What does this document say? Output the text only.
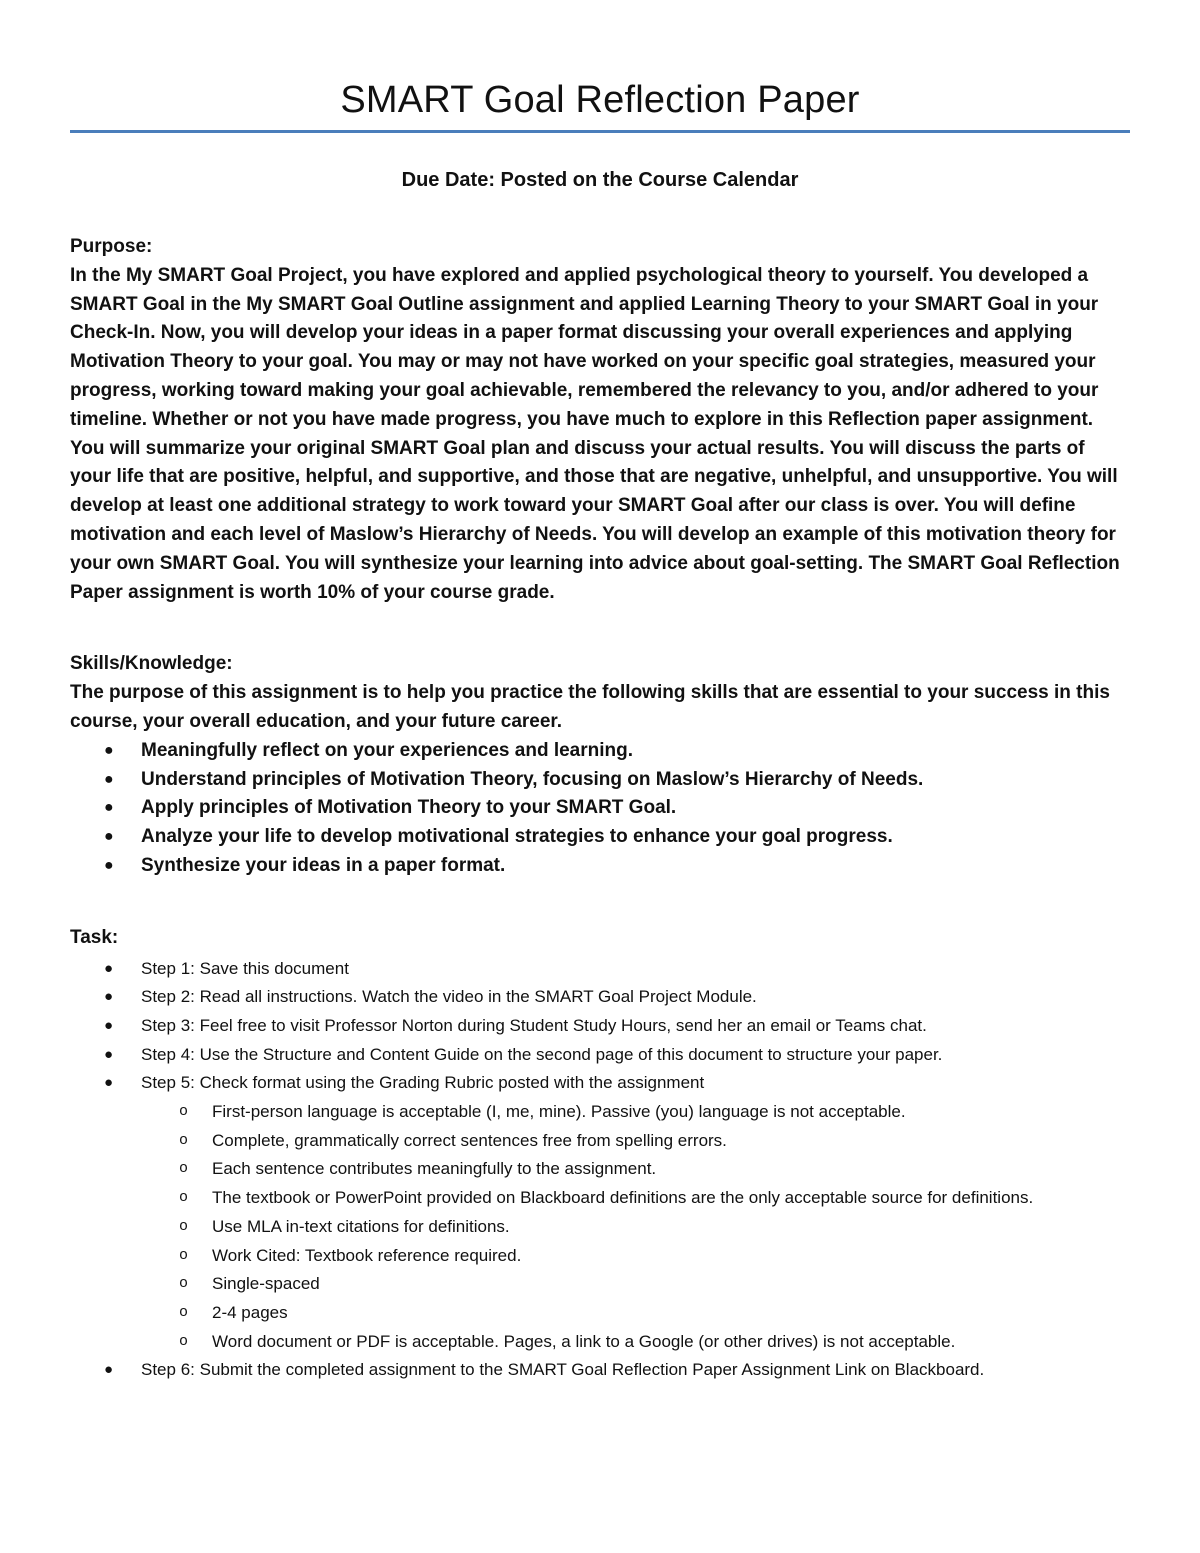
SMART Goal Reflection Paper
Due Date: Posted on the Course Calendar

Purpose:

In the My SMART Goal Project, you have explored and applied psychological theory to yourself. You developed a SMART Goal in the My SMART Goal Outline assignment and applied Learning Theory to your SMART Goal in your Check-In. Now, you will develop your ideas in a paper format discussing your overall experiences and applying Motivation Theory to your goal. You may or may not have worked on your specific goal strategies, measured your progress, working toward making your goal achievable, remembered the relevancy to you, and/or adhered to your timeline. Whether or not you have made progress, you have much to explore in this Reflection paper assignment. You will summarize your original SMART Goal plan and discuss your actual results. You will discuss the parts of your life that are positive, helpful, and supportive, and those that are negative, unhelpful, and unsupportive. You will develop at least one additional strategy to work toward your SMART Goal after our class is over. You will define motivation and each level of Maslow’s Hierarchy of Needs. You will develop an example of this motivation theory for your own SMART Goal. You will synthesize your learning into advice about goal-setting. The SMART Goal Reflection Paper assignment is worth 10% of your course grade.

Skills/Knowledge:

The purpose of this assignment is to help you practice the following skills that are essential to your success in this course, your overall education, and your future career.

● Meaningfully reflect on your experiences and learning.
● Understand principles of Motivation Theory, focusing on Maslow’s Hierarchy of Needs.
● Apply principles of Motivation Theory to your SMART Goal.
● Analyze your life to develop motivational strategies to enhance your goal progress.
● Synthesize your ideas in a paper format.

Task:

● Step 1: Save this document
● Step 2: Read all instructions. Watch the video in the SMART Goal Project Module.
● Step 3: Feel free to visit Professor Norton during Student Study Hours, send her an email or Teams chat.
● Step 4: Use the Structure and Content Guide on the second page of this document to structure your paper.
● Step 5: Check format using the Grading Rubric posted with the assignment
o First-person language is acceptable (I, me, mine). Passive (you) language is not acceptable.
o Complete, grammatically correct sentences free from spelling errors.
o Each sentence contributes meaningfully to the assignment.
o The textbook or PowerPoint provided on Blackboard definitions are the only acceptable source for definitions.
o Use MLA in-text citations for definitions.
o Work Cited: Textbook reference required.
o Single-spaced
o 2-4 pages
o Word document or PDF is acceptable. Pages, a link to a Google (or other drives) is not acceptable.
● Step 6: Submit the completed assignment to the SMART Goal Reflection Paper Assignment Link on Blackboard.
